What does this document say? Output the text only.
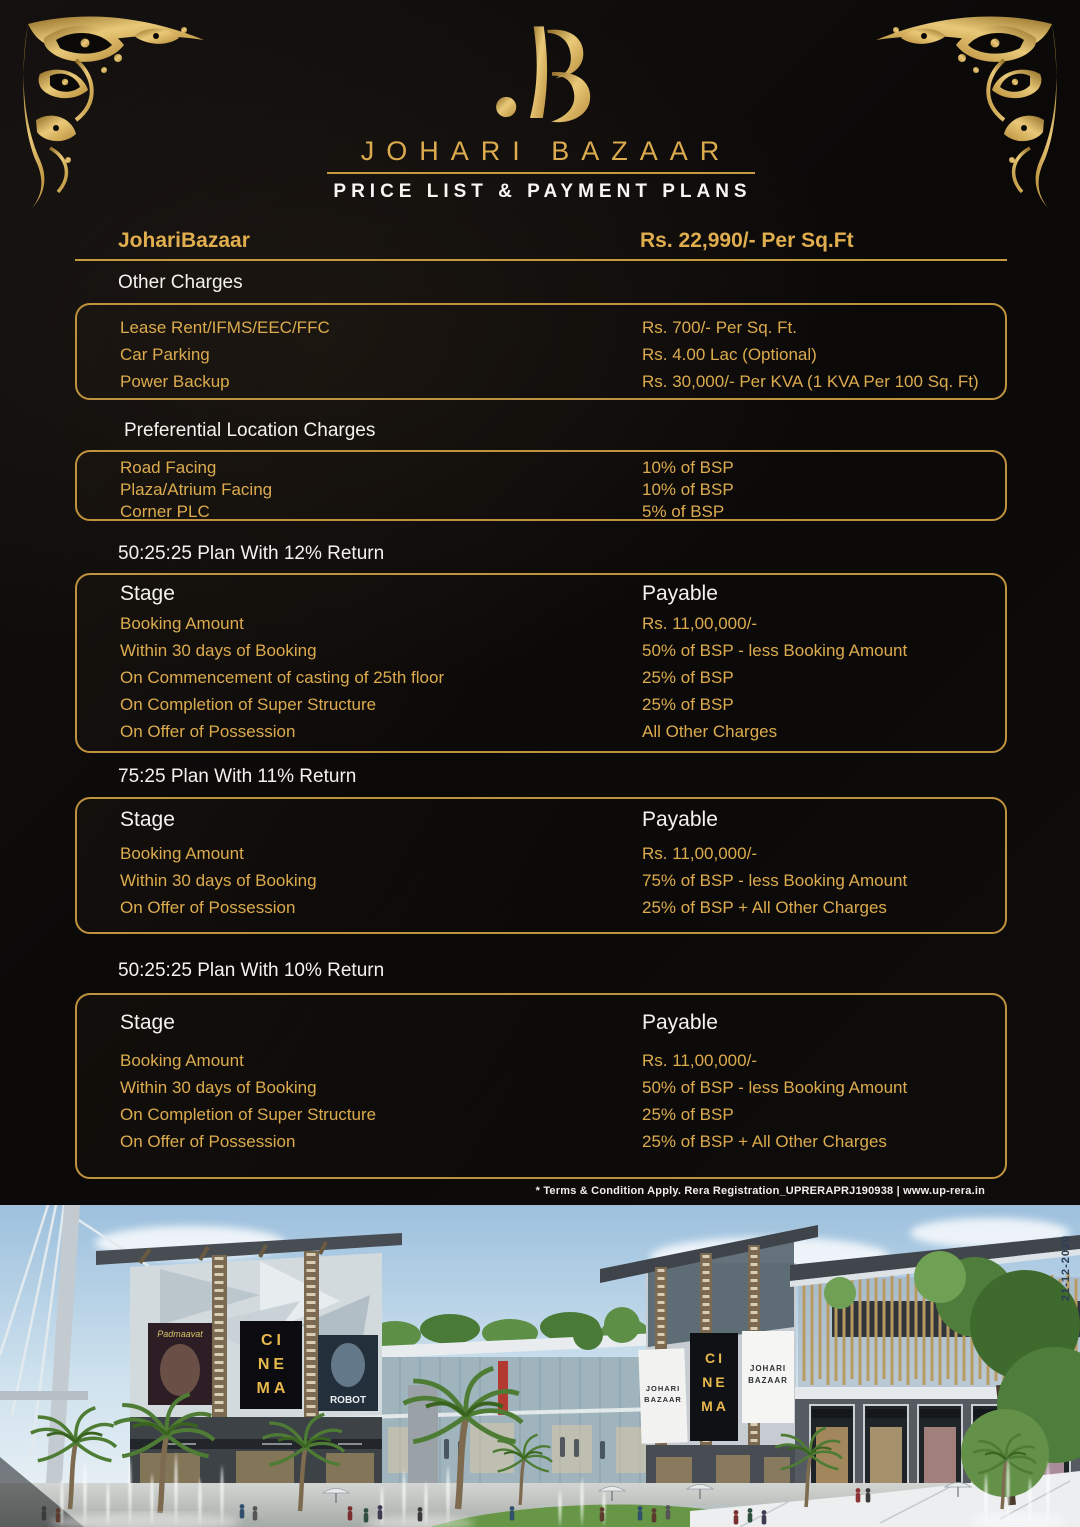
JOHARI BAZAAR
PRICE LIST & PAYMENT PLANS
JohariBazaar	Rs. 22,990/- Per Sq.Ft
Other Charges
Lease Rent/IFMS/EEC/FFC	Rs. 700/- Per Sq. Ft.
Car Parking	Rs. 4.00 Lac (Optional)
Power Backup	Rs. 30,000/- Per KVA (1 KVA Per 100 Sq. Ft)
Preferential Location Charges
Road Facing	10% of BSP
Plaza/Atrium Facing	10% of BSP
Corner PLC	5% of BSP
50:25:25 Plan With 12% Return
Stage	Payable
Booking Amount	Rs. 11,00,000/-
Within 30 days of Booking	50% of BSP - less Booking Amount
On Commencement of casting of 25th floor	25% of BSP
On Completion of Super Structure	25% of BSP
On Offer of Possession	All Other Charges
75:25 Plan With 11% Return
Stage	Payable
Booking Amount	Rs. 11,00,000/-
Within 30 days of Booking	75% of BSP - less Booking Amount
On Offer of Possession	25% of BSP + All Other Charges
50:25:25 Plan With 10% Return
Stage	Payable
Booking Amount	Rs. 11,00,000/-
Within 30 days of Booking	50% of BSP - less Booking Amount
On Completion of Super Structure	25% of BSP
On Offer of Possession	25% of BSP + All Other Charges
* Terms & Condition Apply. Rera Registration_UPRERAPRJ190938 | www.up-rera.in
Padmaavat	CI
NE
MA
ROBOT
JOHARI
BAZAAR
CI
NE
MA
JOHARI
BAZAAR
21-12-2020
